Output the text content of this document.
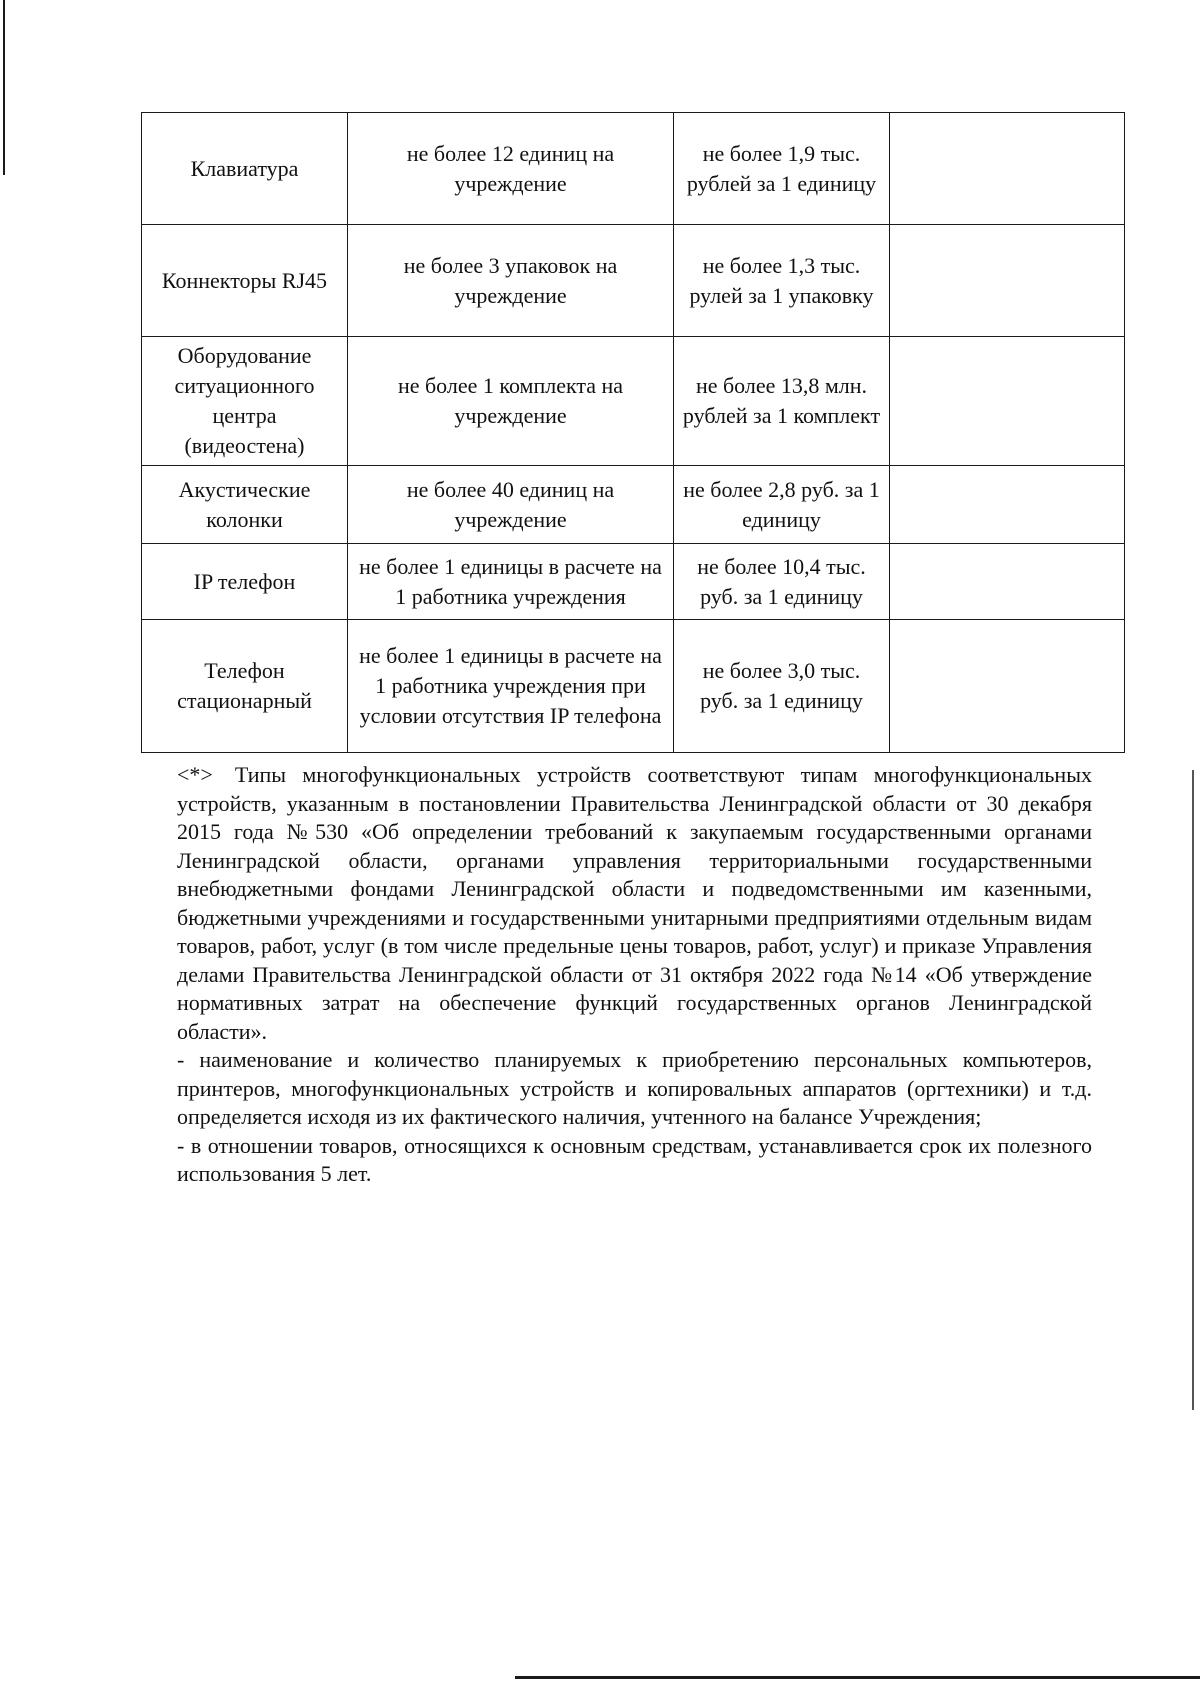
Клавиатура	не более 12 единиц на учреждение	не более 1,9 тыс. рублей за 1 единицу	
Коннекторы RJ45	не более 3 упаковок на учреждение	не более 1,3 тыс. рулей за 1 упаковку	
Оборудование ситуационного центра (видеостена)	не более 1 комплекта на учреждение	не более 13,8 млн. рублей за 1 комплект	
Акустические колонки	не более 40 единиц на учреждение	не более 2,8 руб. за 1 единицу	
IP телефон	не более 1 единицы в расчете на 1 работника учреждения	не более 10,4 тыс. руб. за 1 единицу	
Телефон стационарный	не более 1 единицы в расчете на 1 работника учреждения при условии отсутствия IP телефона	не более 3,0 тыс. руб. за 1 единицу	

<*> Типы многофункциональных устройств соответствуют типам многофункциональных устройств, указанным в постановлении Правительства Ленинградской области от 30 декабря 2015 года №530 «Об определении требований к закупаемым государственными органами Ленинградской области, органами управления территориальными государственными внебюджетными фондами Ленинградской области и подведомственными им казенными, бюджетными учреждениями и государственными унитарными предприятиями отдельным видам товаров, работ, услуг (в том числе предельные цены товаров, работ, услуг) и приказе Управления делами Правительства Ленинградской области от 31 октября 2022 года №14 «Об утверждение нормативных затрат на обеспечение функций государственных органов Ленинградской области».

- наименование и количество планируемых к приобретению персональных компьютеров, принтеров, многофункциональных устройств и копировальных аппаратов (оргтехники) и т.д. определяется исходя из их фактического наличия, учтенного на балансе Учреждения;

- в отношении товаров, относящихся к основным средствам, устанавливается срок их полезного использования 5 лет.
